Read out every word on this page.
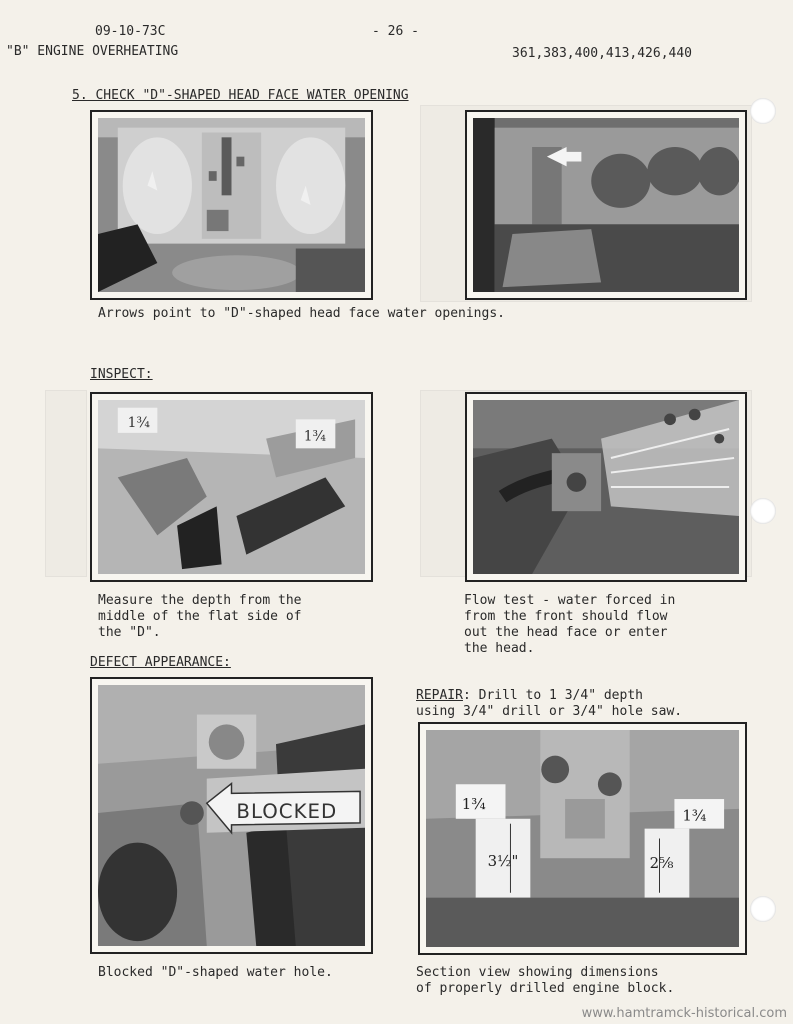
09-10-73C	- 26 -
"B" ENGINE OVERHEATING	361,383,400,413,426,440
5. CHECK "D"-SHAPED HEAD FACE WATER OPENING
Arrows point to "D"-shaped head face water openings.
INSPECT:
1¾
1¾
Measure the depth from the
middle of the flat side of
the "D".
Flow test - water forced in
from the front should flow
out the head face or enter
the head.
DEFECT APPEARANCE:
BLOCKED
REPAIR: Drill to 1 3/4" depth
using 3/4" drill or 3/4" hole saw.
1¾
3½"	2⅝
1¾
Blocked "D"-shaped water hole.	Section view showing dimensions
of properly drilled engine block.
www.hamtramck-historical.com
